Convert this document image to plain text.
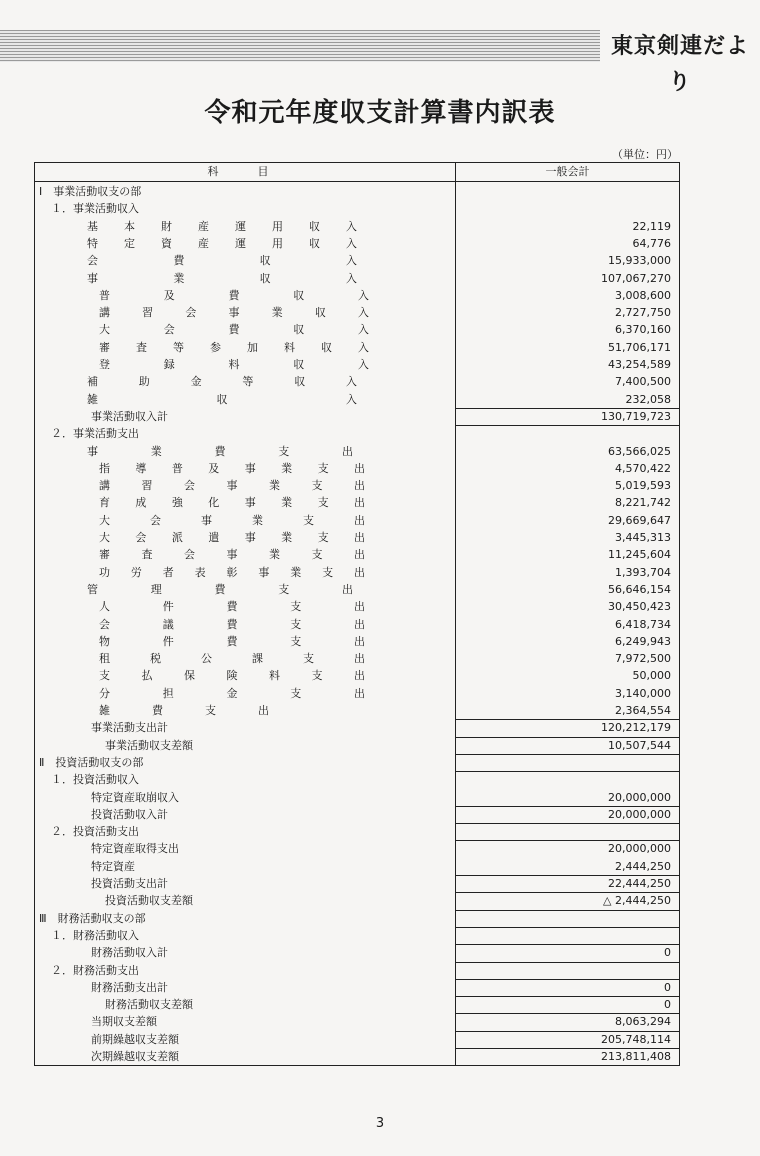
東京剣連だより
令和元年度収支計算書内訳表
（単位：円）
科　目	一般会計
Ⅰ　事業活動収支の部
１．事業活動収入
基 本 財 産 運 用 収 入	22,119
特 定 資 産 運 用 収 入	64,776
会 費 収 入	15,933,000
事 業 収 入	107,067,270
普 及 費 収 入	3,008,600
講 習 会 事 業 収 入	2,727,750
大 会 費 収 入	6,370,160
審 査 等 参 加 料 収 入	51,706,171
登 録 料 収 入	43,254,589
補 助 金 等 収 入	7,400,500
雑 収 入	232,058
事業活動収入計	130,719,723
２．事業活動支出
事 業 費 支 出	63,566,025
指 導 普 及 事 業 支 出	4,570,422
講 習 会 事 業 支 出	5,019,593
育 成 強 化 事 業 支 出	8,221,742
大 会 事 業 支 出	29,669,647
大 会 派 遣 事 業 支 出	3,445,313
審 査 会 事 業 支 出	11,245,604
功 労 者 表 彰 事 業 支 出	1,393,704
管 理 費 支 出	56,646,154
人 件 費 支 出	30,450,423
会 議 費 支 出	6,418,734
物 件 費 支 出	6,249,943
租 税 公 課 支 出	7,972,500
支 払 保 険 料 支 出	50,000
分 担 金 支 出	3,140,000
雑 費 支 出	2,364,554
事業活動支出計	120,212,179
事業活動収支差額	10,507,544
Ⅱ　投資活動収支の部
１．投資活動収入
特定資産取崩収入	20,000,000
投資活動収入計	20,000,000
２．投資活動支出
特定資産取得支出	20,000,000
特定資産	2,444,250
投資活動支出計	22,444,250
投資活動収支差額	△ 2,444,250
Ⅲ　財務活動収支の部
１．財務活動収入
財務活動収入計	0
２．財務活動支出
財務活動支出計	0
財務活動収支差額	0
当期収支差額	8,063,294
前期繰越収支差額	205,748,114
次期繰越収支差額	213,811,408
3
